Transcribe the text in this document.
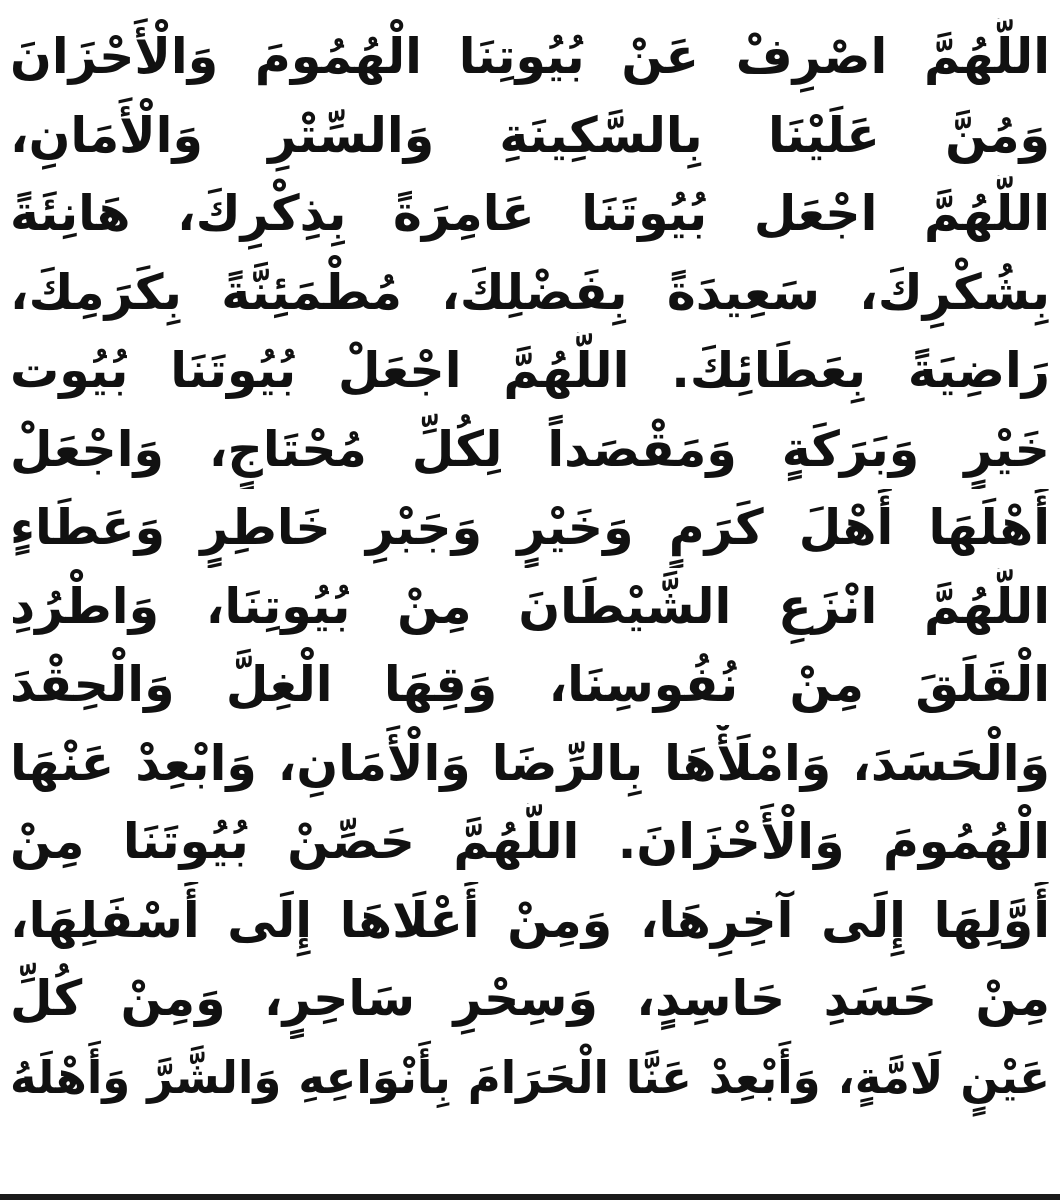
اللَّهُمَّ اصْرِفْ عَنْ بُيُوتِنَا الْهُمُومَ وَالْأَحْزَانَ
وَمُنَّ عَلَيْنَا بِالسَّكِينَةِ وَالسِّتْرِ وَالْأَمَانِ،
اللَّهُمَّ اجْعَل بُيُوتَنَا عَامِرَةً بِذِكْرِكَ، هَانِئَةً
بِشُكْرِكَ، سَعِيدَةً بِفَضْلِكَ، مُطْمَئِنَّةً بِكَرَمِكَ،
رَاضِيَةً بِعَطَائِكَ. اللَّهُمَّ اجْعَلْ بُيُوتَنَا بُيُوت
خَيْرٍ وَبَرَكَةٍ وَمَقْصَداً لِكُلِّ مُحْتَاجٍ، وَاجْعَلْ
أَهْلَهَا أَهْلَ كَرَمٍ وَخَيْرٍ وَجَبْرِ خَاطِرٍ وَعَطَاءٍ
اللَّهُمَّ انْزَعِ الشَّيْطَانَ مِنْ بُيُوتِنَا، وَاطْرُدِ
الْقَلَقَ مِنْ نُفُوسِنَا، وَقِهَا الْغِلَّ وَالْحِقْدَ
وَالْحَسَدَ، وَامْلَأْهَا بِالرِّضَا وَالْأَمَانِ، وَابْعِدْ عَنْهَا
الْهُمُومَ وَالْأَحْزَانَ. اللَّهُمَّ حَصِّنْ بُيُوتَنَا مِنْ
أَوَّلِهَا إِلَى آخِرِهَا، وَمِنْ أَعْلَاهَا إِلَى أَسْفَلِهَا،
مِنْ حَسَدِ حَاسِدٍ، وَسِحْرِ سَاحِرٍ، وَمِنْ كُلِّ
عَيْنٍ لَامَّةٍ، وَأَبْعِدْ عَنَّا الْحَرَامَ بِأَنْوَاعِهِ وَالشَّرَّ وَأَهْلَهُ
